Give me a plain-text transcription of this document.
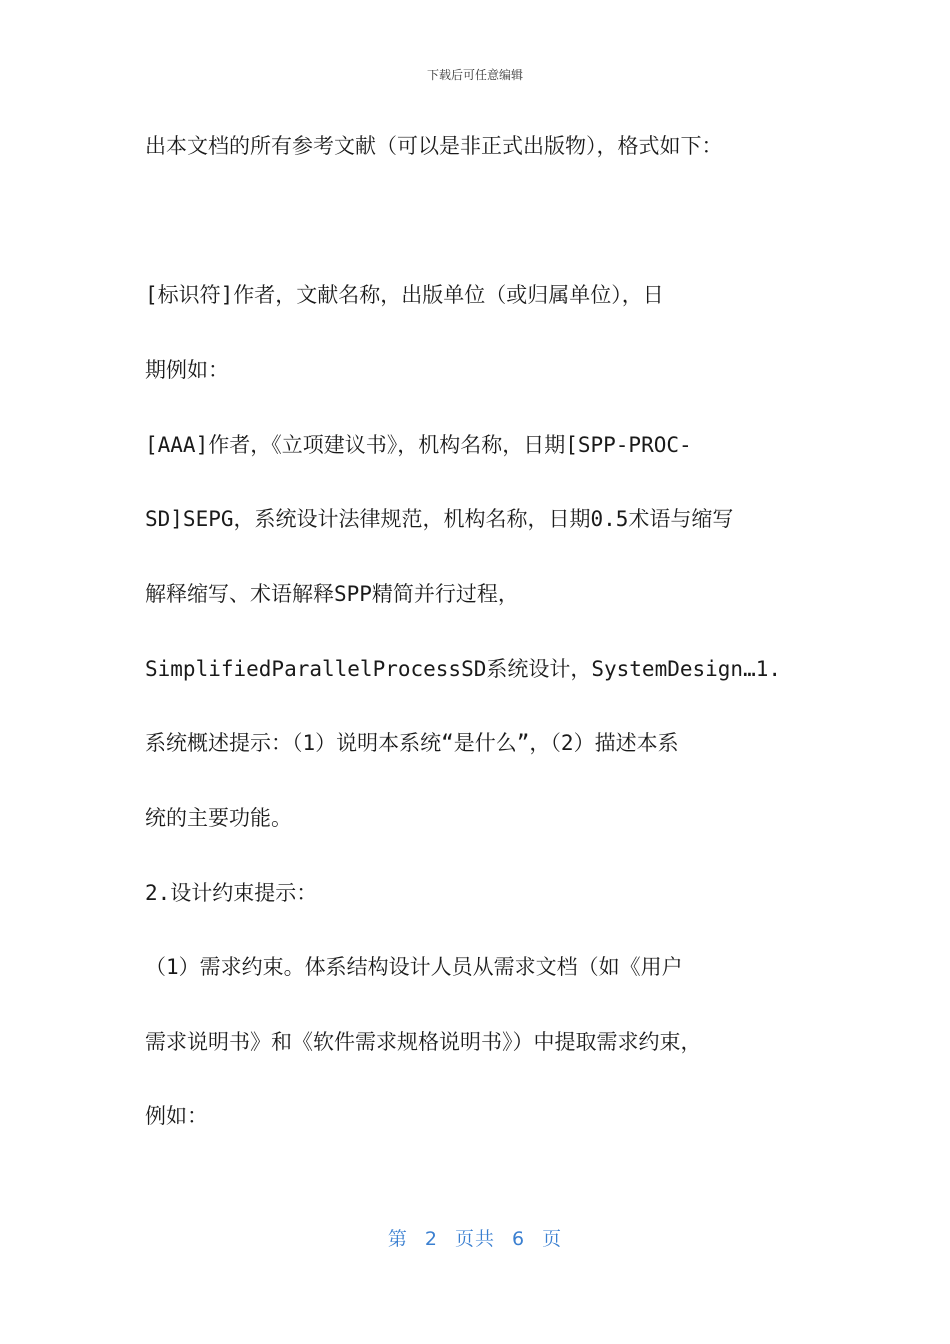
下载后可任意编辑
出本文档的所有参考文献（可以是非正式出版物），格式如下：
[标识符]作者，文献名称，出版单位（或归属单位），日
期例如：
[AAA]作者，《立项建议书》，机构名称，日期[SPP-PROC-
SD]SEPG，系统设计法律规范，机构名称，日期0.5术语与缩写
解释缩写、术语解释SPP精简并行过程，
SimplifiedParallelProcessSD系统设计，SystemDesign…1.
系统概述提示：（1）说明本系统“是什么”，（2）描述本系
统的主要功能。
2.设计约束提示：
（1）需求约束。体系结构设计人员从需求文档（如《用户
需求说明书》和《软件需求规格说明书》）中提取需求约束，
例如：
第 2 页共 6 页
